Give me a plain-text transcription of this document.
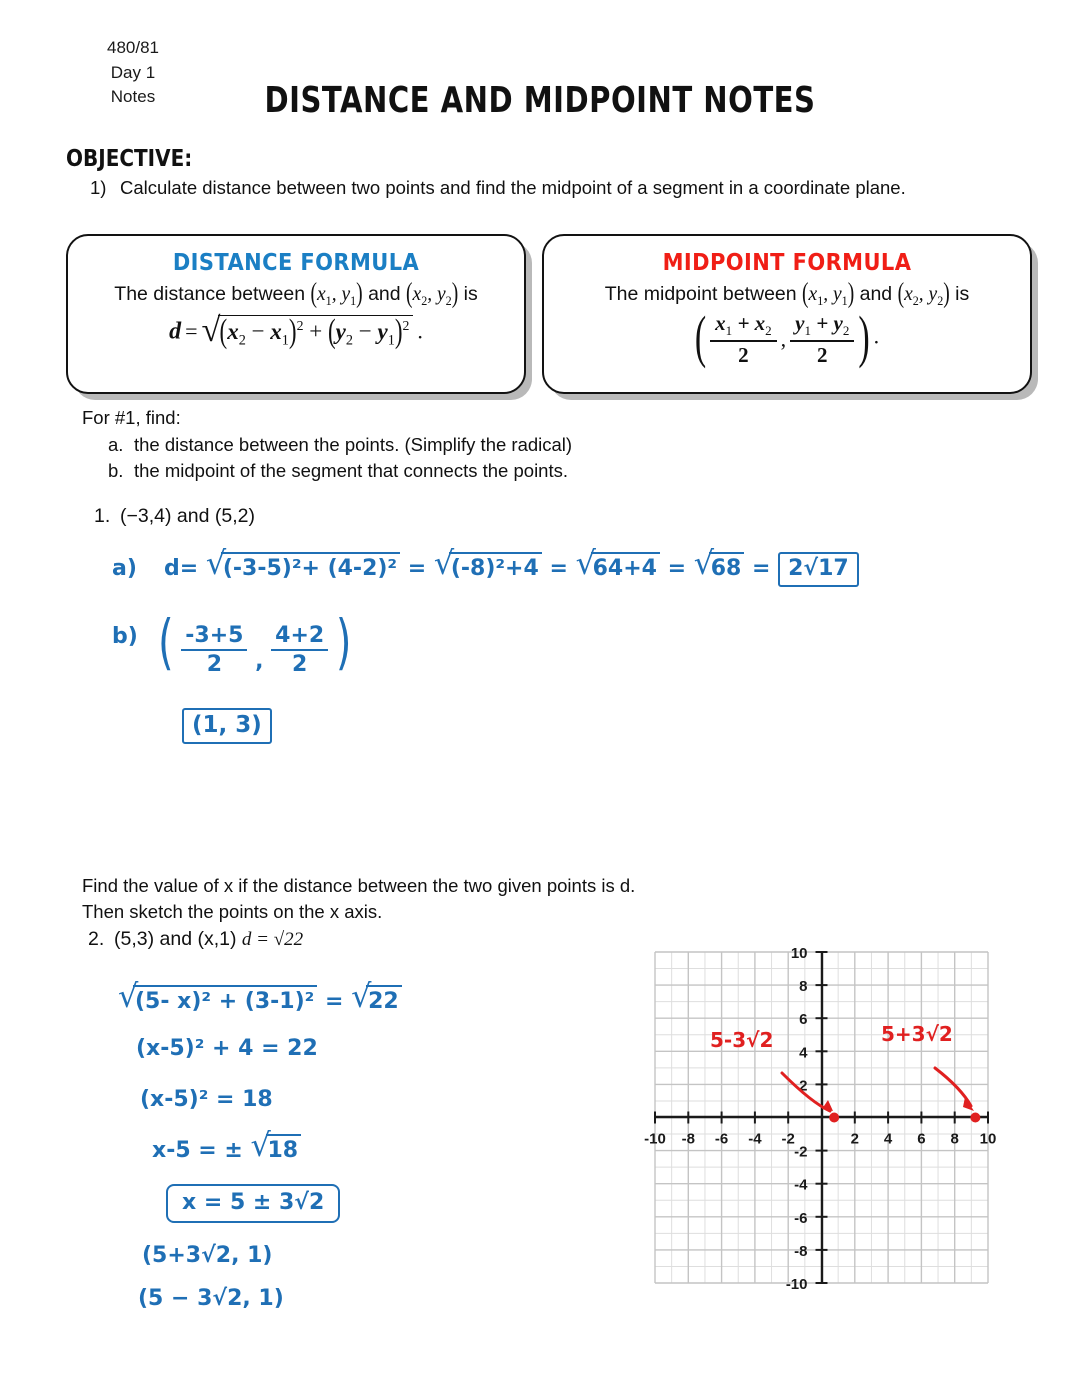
480/81
Day 1
Notes	DISTANCE AND MIDPOINT NOTES
OBJECTIVE:
1) Calculate distance between two points and find the midpoint of a segment in a coordinate plane.
DISTANCE FORMULA
The distance between ($x_1$, $y_1$) and ($x_2$, $y_2$) is
d = √ $(x_2 - x_1)^2 + (y_2 - y_1)^2$ .
MIDPOINT FORMULA
The midpoint between ($x_1$, $y_1$) and ($x_2$, $y_2$) is
( $\frac{x_1 + x_2}{2}$ , $\frac{y_1 + y_2}{2}$ ) .
For #1, find:
a. the distance between the points. (Simplify the radical)
b. the midpoint of the segment that connects the points.
1. (−3,4) and (5,2)
a) d= √
(-3-5)²+ (4-2)² = √
(-8)²+4 = √
64+4 = √
68 = 2√17
b) ( $\frac{-3+5}{2}$ , $\frac{4+2}{2}$ )
(1, 3)
Find the value of x if the distance between the two given points is d.
Then sketch the points on the x axis.
2. (5,3) and (x,1) d = √22
√
(5- x)² + (3-1)² = √
22
(x-5)² + 4 = 22
(x-5)² = 18
x-5 = ± √
18
x = 5 ± 3√2
(5+3√2, 1)
(5 − 3√2, 1)
-10 -8 -6 -4 -2	2 4 6 8 10
10
8
6
4
2
-2
-4
-6
-8
-10
5-3√2	5+3√2
